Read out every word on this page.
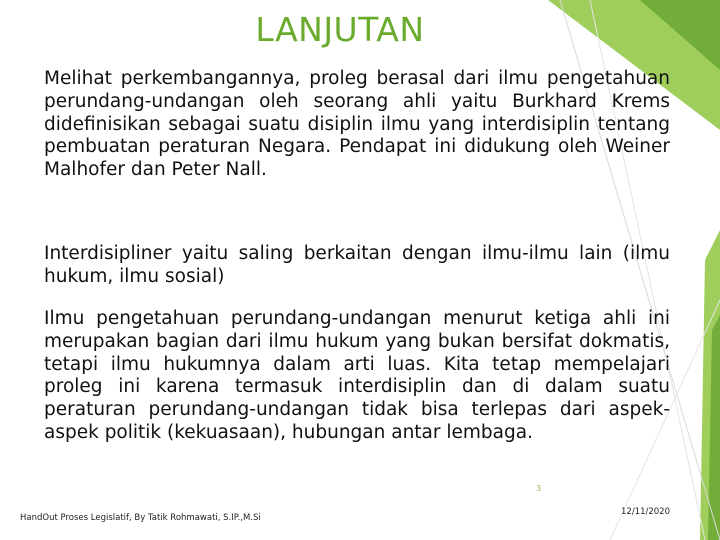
LANJUTAN

Melihat perkembangannya, proleg berasal dari ilmu pengetahuan perundang-undangan oleh seorang ahli yaitu Burkhard Krems didefinisikan sebagai suatu disiplin ilmu yang interdisiplin tentang pembuatan peraturan Negara. Pendapat ini didukung oleh Weiner Malhofer dan Peter Nall.

Interdisipliner yaitu saling berkaitan dengan ilmu-ilmu lain (ilmu hukum, ilmu sosial)

Ilmu pengetahuan perundang-undangan menurut ketiga ahli ini merupakan bagian dari ilmu hukum yang bukan bersifat dokmatis, tetapi ilmu hukumnya dalam arti luas. Kita tetap mempelajari proleg ini karena termasuk interdisiplin dan di dalam suatu peraturan perundang-undangan tidak bisa terlepas dari aspek-aspek politik (kekuasaan), hubungan antar lembaga.

3
HandOut Proses Legislatif, By Tatik Rohmawati, S.IP.,M.Si
12/11/2020
